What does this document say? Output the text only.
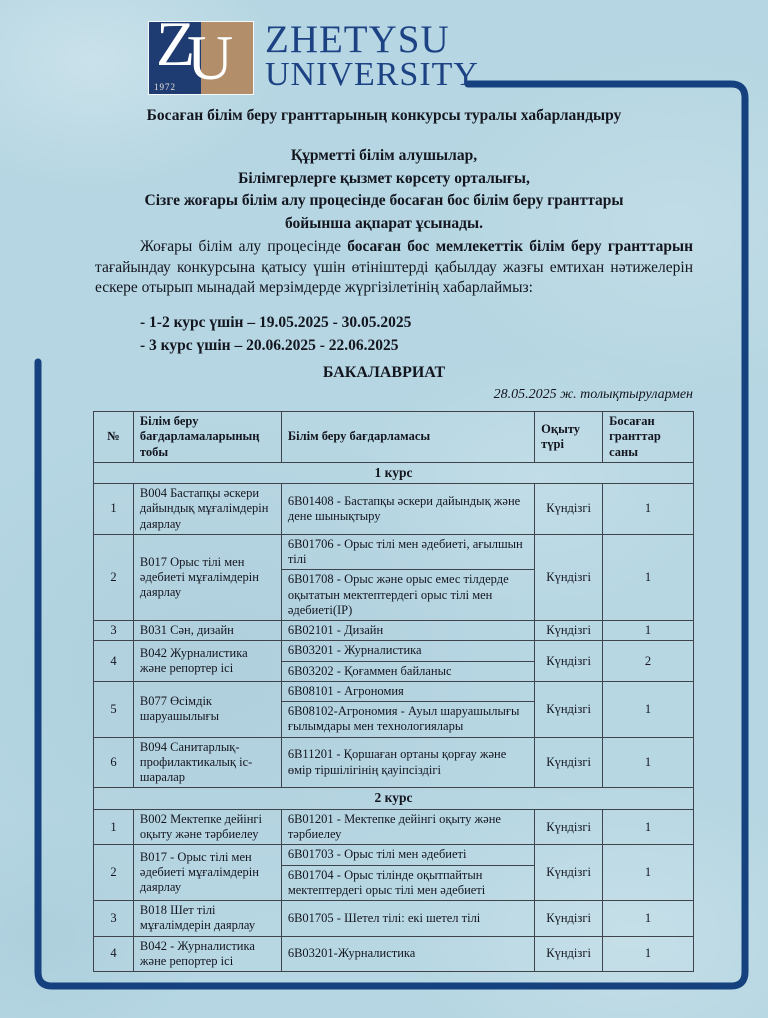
Z
U
1972
ZHETYSU
UNIVERSITY
Босаған білім беру гранттарының конкурсы туралы хабарландыру
Құрметті білім алушылар,
Білімгерлерге қызмет көрсету орталығы,
Сізге жоғары білім алу процесінде босаған бос білім беру гранттары
бойынша ақпарат ұсынады.

Жоғары білім алу процесінде босаған бос мемлекеттік білім беру гранттарын тағайындау конкурсына қатысу үшін өтініштерді қабылдау жазғы емтихан нәтижелерін ескере отырып мынадай мерзімдерде жүргізілетінің хабарлаймыз:

- 1-2 курс үшін – 19.05.2025 - 30.05.2025
- 3 курс үшін – 20.06.2025 - 22.06.2025
БАКАЛАВРИАТ
28.05.2025 ж. толықтырулармен
№	Білім беру бағдарламаларының тобы	Білім беру бағдарламасы	Оқыту түрі	Босаған гранттар саны
1 курс				
1	B004 Бастапқы әскери дайындық мұғалімдерін даярлау	6B01408 - Бастапқы әскери дайындық және дене шынықтыру	Күндізгі	1
2	B017 Орыс тілі мен әдебиеті мұғалімдерін даярлау	6B01706 - Орыс тілі мен әдебиеті, ағылшын тілі	Күндізгі	1
		6B01708 - Орыс және орыс емес тілдерде оқытатын мектептердегі орыс тілі мен әдебиеті(IP)		
3	B031 Сән, дизайн	6B02101 - Дизайн	Күндізгі	1
4	B042 Журналистика және репортер ісі	6B03201 - Журналистика	Күндізгі	2
		6B03202 - Қоғаммен байланыс		
5	B077 Өсімдік шаруашылығы	6B08101 - Агрономия	Күндізгі	1
		6B08102-Агрономия - Ауыл шаруашылығы ғылымдары мен технологиялары		
6	B094 Санитарлық-профилактикалық іс-шаралар	6B11201 - Қоршаған ортаны қорғау және өмір тіршілігінің қауіпсіздігі	Күндізгі	1
2 курс				
1	B002 Мектепке дейінгі оқыту және тәрбиелеу	6B01201 - Мектепке дейінгі оқыту және тәрбиелеу	Күндізгі	1
2	B017 - Орыс тілі мен әдебиеті мұғалімдерін даярлау	6B01703 - Орыс тілі мен әдебиеті	Күндізгі	1
		6B01704 - Орыс тілінде оқытпайтын мектептердегі орыс тілі мен әдебиеті		
3	B018 Шет тілі мұғалімдерін даярлау	6B01705 - Шетел тілі: екі шетел тілі	Күндізгі	1
4	B042 - Журналистика және репортер ісі	6B03201-Журналистика	Күндізгі	1
